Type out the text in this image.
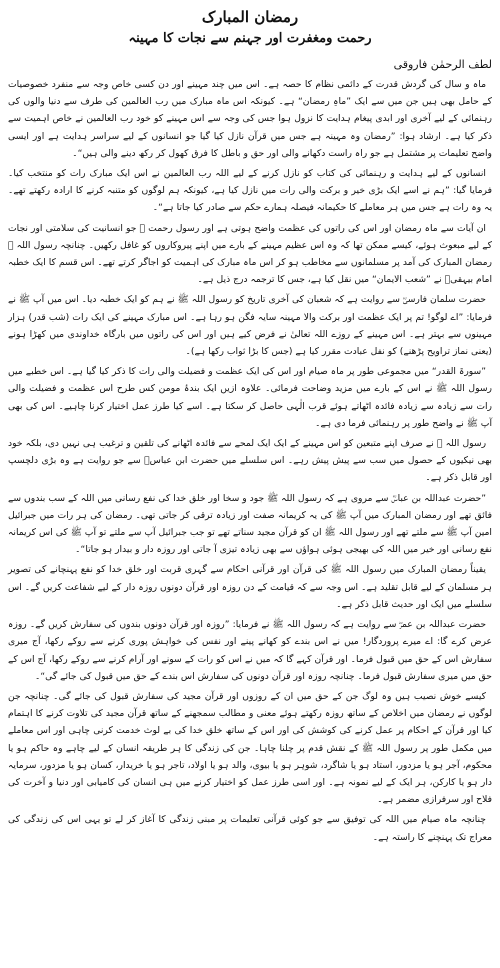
رمضان المبارک
رحمت ومغفرت اور جہنم سے نجات کا مہینہ
لطف الرحمٰن فاروقی

ماہ و سال کی گردش قدرت کے دائمی نظام کا حصہ ہے۔ اس میں چند مہینے اور دن کسی خاص وجہ سے منفرد خصوصیات کے حامل بھی ہیں جن میں سے ایک ”ماہِ رمضان“ ہے۔ کیونکہ اس ماہ مبارک میں رب العالمین کی طرف سے دنیا والوں کی رہنمائی کے لیے آخری اور ابدی پیغام ہدایت کا نزول ہوا جس کی وجہ سے اس مہینے کو خود رب العالمین نے خاص اہمیت سے ذکر کیا ہے۔ ارشاد ہوا: ”رمضان وہ مہینہ ہے جس میں قرآن نازل کیا گیا جو انسانوں کے لیے سراسر ہدایت ہے اور ایسی واضح تعلیمات پر مشتمل ہے جو راہ راست دکھانے والی اور حق و باطل کا فرق کھول کر رکھ دینے والی ہیں“۔

انسانوں کے لیے ہدایت و رہنمائی کی کتاب کو نازل کرنے کے لیے اللہ رب العالمین نے اس ایک مبارک رات کو منتخب کیا۔ فرمایا گیا: ”ہم نے اسے ایک بڑی خیر و برکت والی رات میں نازل کیا ہے، کیونکہ ہم لوگوں کو متنبہ کرنے کا ارادہ رکھتے تھے۔ یہ وہ رات ہے جس میں ہر معاملے کا حکیمانہ فیصلہ ہمارے حکم سے صادر کیا جاتا ہے“۔

ان آیات سے ماہ رمضان اور اس کی راتوں کی عظمت واضح ہوتی ہے اور رسول رحمت ﷺ جو انسانیت کی سلامتی اور نجات کے لیے مبعوث ہوئے، کیسے ممکن تھا کہ وہ اس عظیم مہینے کے بارے میں اپنے پیروکاروں کو غافل رکھیں۔ چنانچہ رسول اللہ ﷺ رمضان المبارک کی آمد پر مسلمانوں سے مخاطب ہو کر اس ماہ مبارک کی اہمیت کو اجاگر کرتے تھے۔ اس قسم کا ایک خطبہ امام بیہقیؒ نے ”شعب الایمان“ میں نقل کیا ہے، جس کا ترجمہ درج ذیل ہے۔

حضرت سلمان فارسیؓ سے روایت ہے کہ شعبان کی آخری تاریخ کو رسول اللہ ﷺ نے ہم کو ایک خطبہ دیا۔ اس میں آپ ﷺ نے فرمایا: ”اے لوگو! تم پر ایک عظمت اور برکت والا مہینہ سایہ فگن ہو رہا ہے۔ اس مبارک مہینے کی ایک رات (شب قدر) ہزار مہینوں سے بہتر ہے۔ اس مہینے کے روزے اللہ تعالیٰ نے فرض کیے ہیں اور اس کی راتوں میں بارگاہ خداوندی میں کھڑا ہونے (یعنی نماز تراویح پڑھنے) کو نفل عبادت مقرر کیا ہے (جس کا بڑا ثواب رکھا ہے)۔

”سورۃ القدر“ میں مجموعی طور پر ماہ صیام اور اس کی ایک عظمت و فضیلت والی رات کا ذکر کیا گیا ہے۔ اس خطبے میں رسول اللہ ﷺ نے اس کے بارے میں مزید وضاحت فرمائی۔ علاوہ ازیں ایک بندۂ مومن کس طرح اس عظمت و فضیلت والی رات سے زیادہ سے زیادہ فائدہ اٹھاتے ہوئے قرب الٰہی حاصل کر سکتا ہے۔ اسے کیا طرز عمل اختیار کرنا چاہیے۔ اس کی بھی آپ ﷺ نے واضح طور پر رہنمائی فرما دی ہے۔

رسول اللہ ﷺ نے صرف اپنے متبعین کو اس مہینے کے ایک ایک لمحے سے فائدہ اٹھانے کی تلقین و ترغیب ہی نہیں دی، بلکہ خود بھی نیکیوں کے حصول میں سب سے پیش پیش رہے۔ اس سلسلے میں حضرت ابن عباسؓ سے جو روایت ہے وہ بڑی دلچسپ اور قابل ذکر ہے۔

”حضرت عبداللہ بن عباسؓ سے مروی ہے کہ رسول اللہ ﷺ جود و سخا اور خلق خدا کی نفع رسانی میں اللہ کے سب بندوں سے فائق تھے اور رمضان المبارک میں آپ ﷺ کی یہ کریمانہ صفت اور زیادہ ترقی کر جاتی تھی۔ رمضان کی ہر رات میں جبرائیل امین آپ ﷺ سے ملتے تھے اور رسول اللہ ﷺ ان کو قرآن مجید سناتے تھے تو جب جبرائیل آپ سے ملتے تو آپ ﷺ کی اس کریمانہ نفع رسانی اور خیر میں اللہ کی بھیجی ہوئی ہواؤں سے بھی زیادہ تیزی آ جاتی اور روزہ دار و بیدار ہو جاتا“۔

یقیناً رمضان المبارک میں رسول اللہ ﷺ کی قرآن اور قرآنی احکام سے گہری قربت اور خلق خدا کو نفع پہنچانے کی تصویر ہر مسلمان کے لیے قابل تقلید ہے۔ اس وجہ سے کہ قیامت کے دن روزہ اور قرآن دونوں روزہ دار کے لیے شفاعت کریں گے۔ اس سلسلے میں ایک اور حدیث قابل ذکر ہے۔

حضرت عبداللہ بن عمرؓ سے روایت ہے کہ رسول اللہ ﷺ نے فرمایا: ”روزہ اور قرآن دونوں بندوں کی سفارش کریں گے۔ روزہ عرض کرے گا: اے میرے پروردگار! میں نے اس بندے کو کھانے پینے اور نفس کی خواہش پوری کرنے سے روکے رکھا، آج میری سفارش اس کے حق میں قبول فرما۔ اور قرآن کہے گا کہ میں نے اس کو رات کے سونے اور آرام کرنے سے روکے رکھا، آج اس کے حق میں میری سفارش قبول فرما۔ چنانچہ روزہ اور قرآن دونوں کی سفارش اس بندے کے حق میں قبول کی جائے گی“۔

کیسے خوش نصیب ہیں وہ لوگ جن کے حق میں ان کے روزوں اور قرآن مجید کی سفارش قبول کی جائے گی۔ چنانچہ جن لوگوں نے رمضان میں اخلاص کے ساتھ روزہ رکھتے ہوئے معنی و مطالب سمجھنے کے ساتھ قرآن مجید کی تلاوت کرنے کا اہتمام کیا اور قرآن کے احکام پر عمل کرنے کی کوشش کی اور اس کے ساتھ خلق خدا کی بے لوث خدمت کرنی چاہی اور اس معاملے میں مکمل طور پر رسول اللہ ﷺ کے نقش قدم پر چلنا چاہا۔ جن کی زندگی کا ہر طریقہ انسان کے لیے چاہے وہ حاکم ہو یا محکوم، آجر ہو یا مزدور، استاد ہو یا شاگرد، شوہر ہو یا بیوی، والد ہو یا اولاد، تاجر ہو یا خریدار، کسان ہو یا مزدور، سرمایہ دار ہو یا کارکن، ہر ایک کے لیے نمونہ ہے۔ اور اسی طرز عمل کو اختیار کرنے میں ہی انسان کی کامیابی اور دنیا و آخرت کی فلاح اور سرفرازی مضمر ہے۔

چنانچہ ماہ صیام میں اللہ کی توفیق سے جو کوئی قرآنی تعلیمات پر مبنی زندگی کا آغاز کر لے تو یہی اس کی زندگی کی معراج تک پہنچنے کا راستہ ہے۔
